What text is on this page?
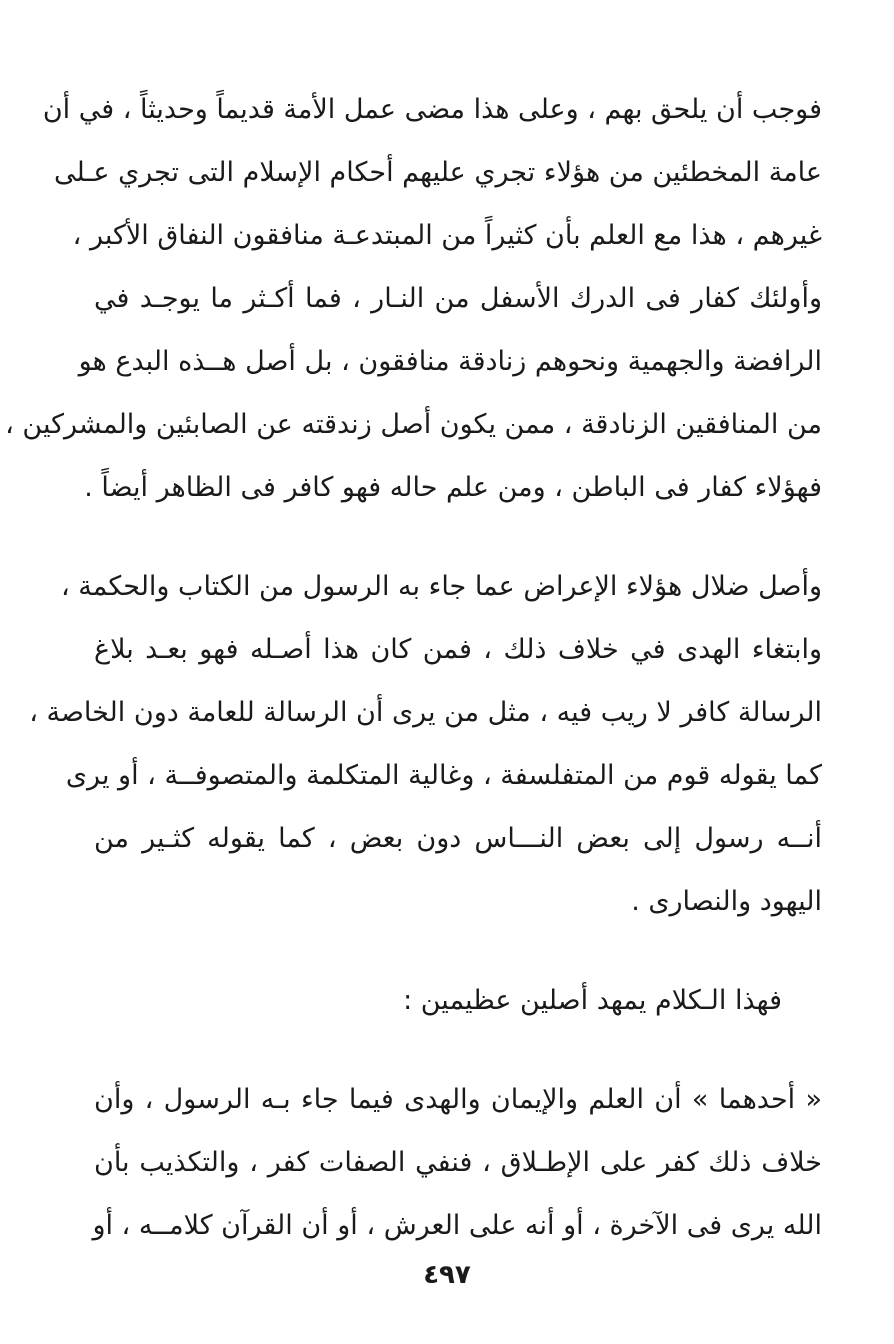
فوجب أن يلحق بهم ، وعلى هذا مضى عمل الأمة قديماً وحديثاً ، في أن
عامة المخطئين من هؤلاء تجري عليهم أحكام الإسلام التى تجري عـلى
غيرهم ، هذا مع العلم بأن كثيراً من المبتدعـة منافقون النفاق الأكبر ،
وأولئك كفار فى الدرك الأسفل من النـار ، فما أكـثر ما يوجـد في
الرافضة والجهمية ونحوهم زنادقة منافقون ، بل أصل هــذه البدع هو
من المنافقين الزنادقة ، ممن يكون أصل زندقته عن الصابئين والمشركين ،
فهؤلاء كفار فى الباطن ، ومن علم حاله فهو كافر فى الظاهر أيضاً .
وأصل ضلال هؤلاء الإعراض عما جاء به الرسول من الكتاب والحكمة ،
وابتغاء الهدى في خلاف ذلك ، فمن كان هذا أصـله فهو بعـد بلاغ
الرسالة كافر لا ريب فيه ، مثل من يرى أن الرسالة للعامة دون الخاصة ،
كما يقوله قوم من المتفلسفة ، وغالية المتكلمة والمتصوفــة ، أو يرى
أنــه رسول إلى بعض النـــاس دون بعض ، كما يقوله كثـير من
اليهود والنصارى .
فهذا الـكلام يمهد أصلين عظيمين :
« أحدهما » أن العلم والإيمان والهدى فيما جاء بـه الرسول ، وأن
خلاف ذلك كفر على الإطـلاق ، فنفي الصفات كفر ، والتكذيب بأن
الله يرى فى الآخرة ، أو أنه على العرش ، أو أن القرآن كلامــه ، أو
٤٩٧
